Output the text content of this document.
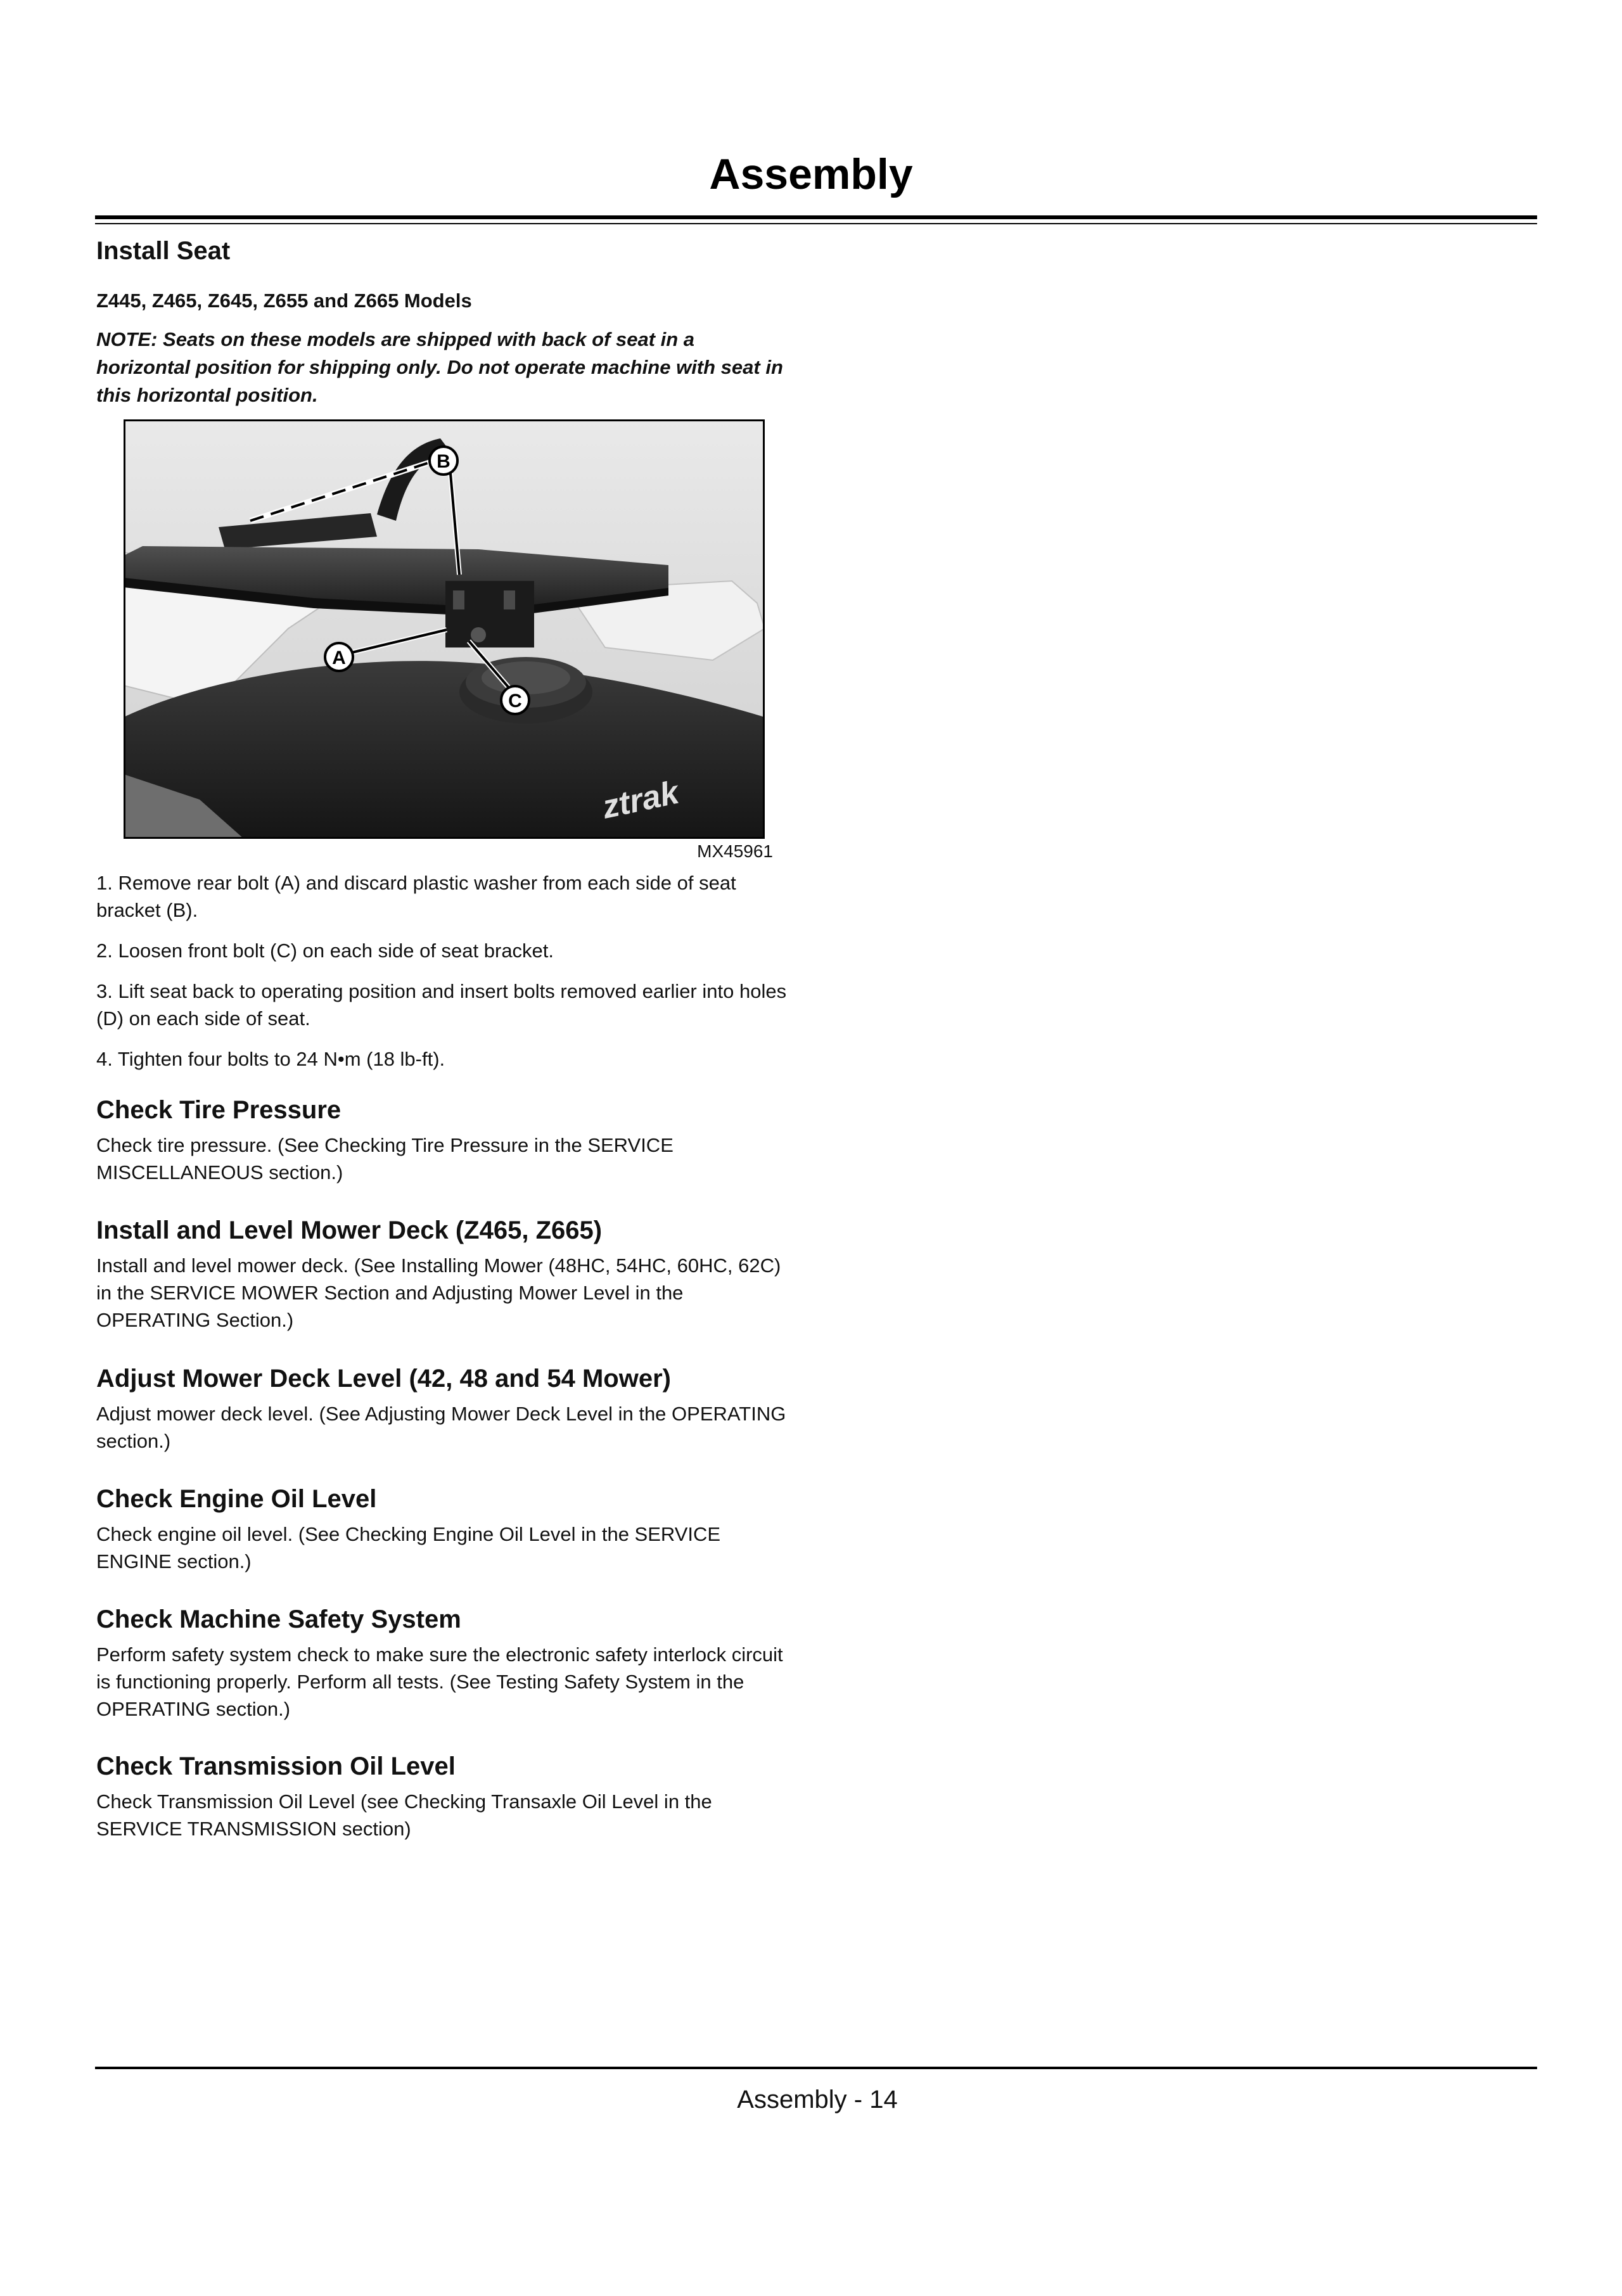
Assembly
Install Seat
Z445, Z465, Z645, Z655 and Z665 Models
NOTE: Seats on these models are shipped with back of seat in a horizontal position for shipping only. Do not operate machine with seat in this horizontal position.
ztrak
B
A
C
MX45961
1. Remove rear bolt (A) and discard plastic washer from each side of seat bracket (B).
2. Loosen front bolt (C) on each side of seat bracket.
3. Lift seat back to operating position and insert bolts removed earlier into holes (D) on each side of seat.
4. Tighten four bolts to 24 N•m (18 lb-ft).
Check Tire Pressure
Check tire pressure. (See Checking Tire Pressure in the SERVICE MISCELLANEOUS section.)
Install and Level Mower Deck (Z465, Z665)
Install and level mower deck. (See Installing Mower (48HC, 54HC, 60HC, 62C) in the SERVICE MOWER Section and Adjusting Mower Level in the OPERATING Section.)
Adjust Mower Deck Level (42, 48 and 54 Mower)
Adjust mower deck level. (See Adjusting Mower Deck Level in the OPERATING section.)
Check Engine Oil Level
Check engine oil level. (See Checking Engine Oil Level in the SERVICE ENGINE section.)
Check Machine Safety System
Perform safety system check to make sure the electronic safety interlock circuit is functioning properly. Perform all tests. (See Testing Safety System in the OPERATING section.)
Check Transmission Oil Level
Check Transmission Oil Level (see Checking Transaxle Oil Level in the SERVICE TRANSMISSION section)
Assembly - 14
